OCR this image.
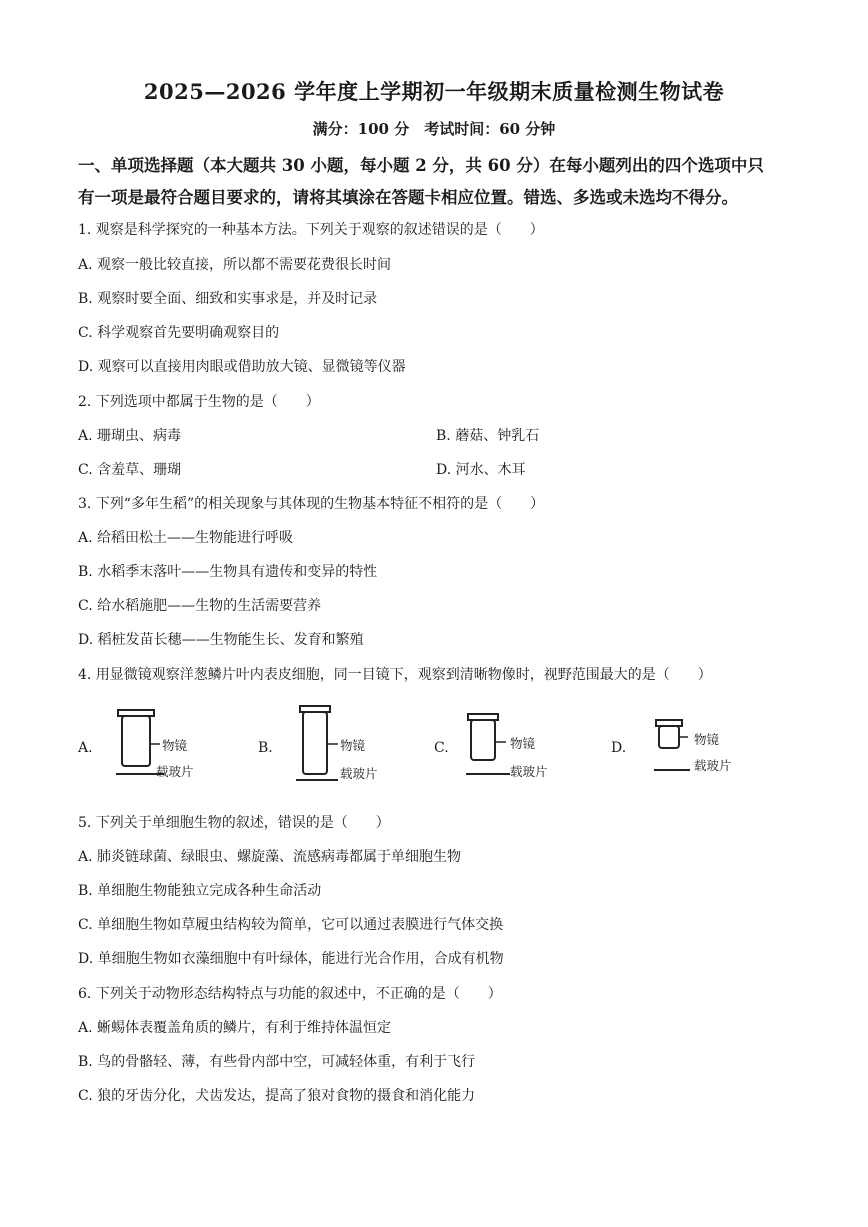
2025—2026 学年度上学期初一年级期末质量检测生物试卷
满分：100 分　考试时间：60 分钟
一、单项选择题（本大题共 30 小题，每小题 2 分，共 60 分）在每小题列出的四个选项中只
有一项是最符合题目要求的，请将其填涂在答题卡相应位置。错选、多选或未选均不得分。
1. 观察是科学探究的一种基本方法。下列关于观察的叙述错误的是（　　）
A. 观察一般比较直接，所以都不需要花费很长时间
B. 观察时要全面、细致和实事求是，并及时记录
C. 科学观察首先要明确观察目的
D. 观察可以直接用肉眼或借助放大镜、显微镜等仪器
2. 下列选项中都属于生物的是（　　）
A. 珊瑚虫、病毒	B. 蘑菇、钟乳石
C. 含羞草、珊瑚	D. 河水、木耳
3. 下列“多年生稻”的相关现象与其体现的生物基本特征不相符的是（　　）
A. 给稻田松土——生物能进行呼吸
B. 水稻季末落叶——生物具有遗传和变异的特性
C. 给水稻施肥——生物的生活需要营养
D. 稻桩发苗长穗——生物能生长、发育和繁殖
4. 用显微镜观察洋葱鳞片叶内表皮细胞，同一目镜下，观察到清晰物像时，视野范围最大的是（　　）
A.	物镜
载玻片
B.	物镜
载玻片
C.	物镜
载玻片
D.
物镜
载玻片
5. 下列关于单细胞生物的叙述，错误的是（　　）
A. 肺炎链球菌、绿眼虫、螺旋藻、流感病毒都属于单细胞生物
B. 单细胞生物能独立完成各种生命活动
C. 单细胞生物如草履虫结构较为简单，它可以通过表膜进行气体交换
D. 单细胞生物如衣藻细胞中有叶绿体，能进行光合作用，合成有机物
6. 下列关于动物形态结构特点与功能的叙述中，不正确的是（　　）
A. 蜥蜴体表覆盖角质的鳞片，有利于维持体温恒定
B. 鸟的骨骼轻、薄，有些骨内部中空，可减轻体重，有利于飞行
C. 狼的牙齿分化，犬齿发达，提高了狼对食物的摄食和消化能力
